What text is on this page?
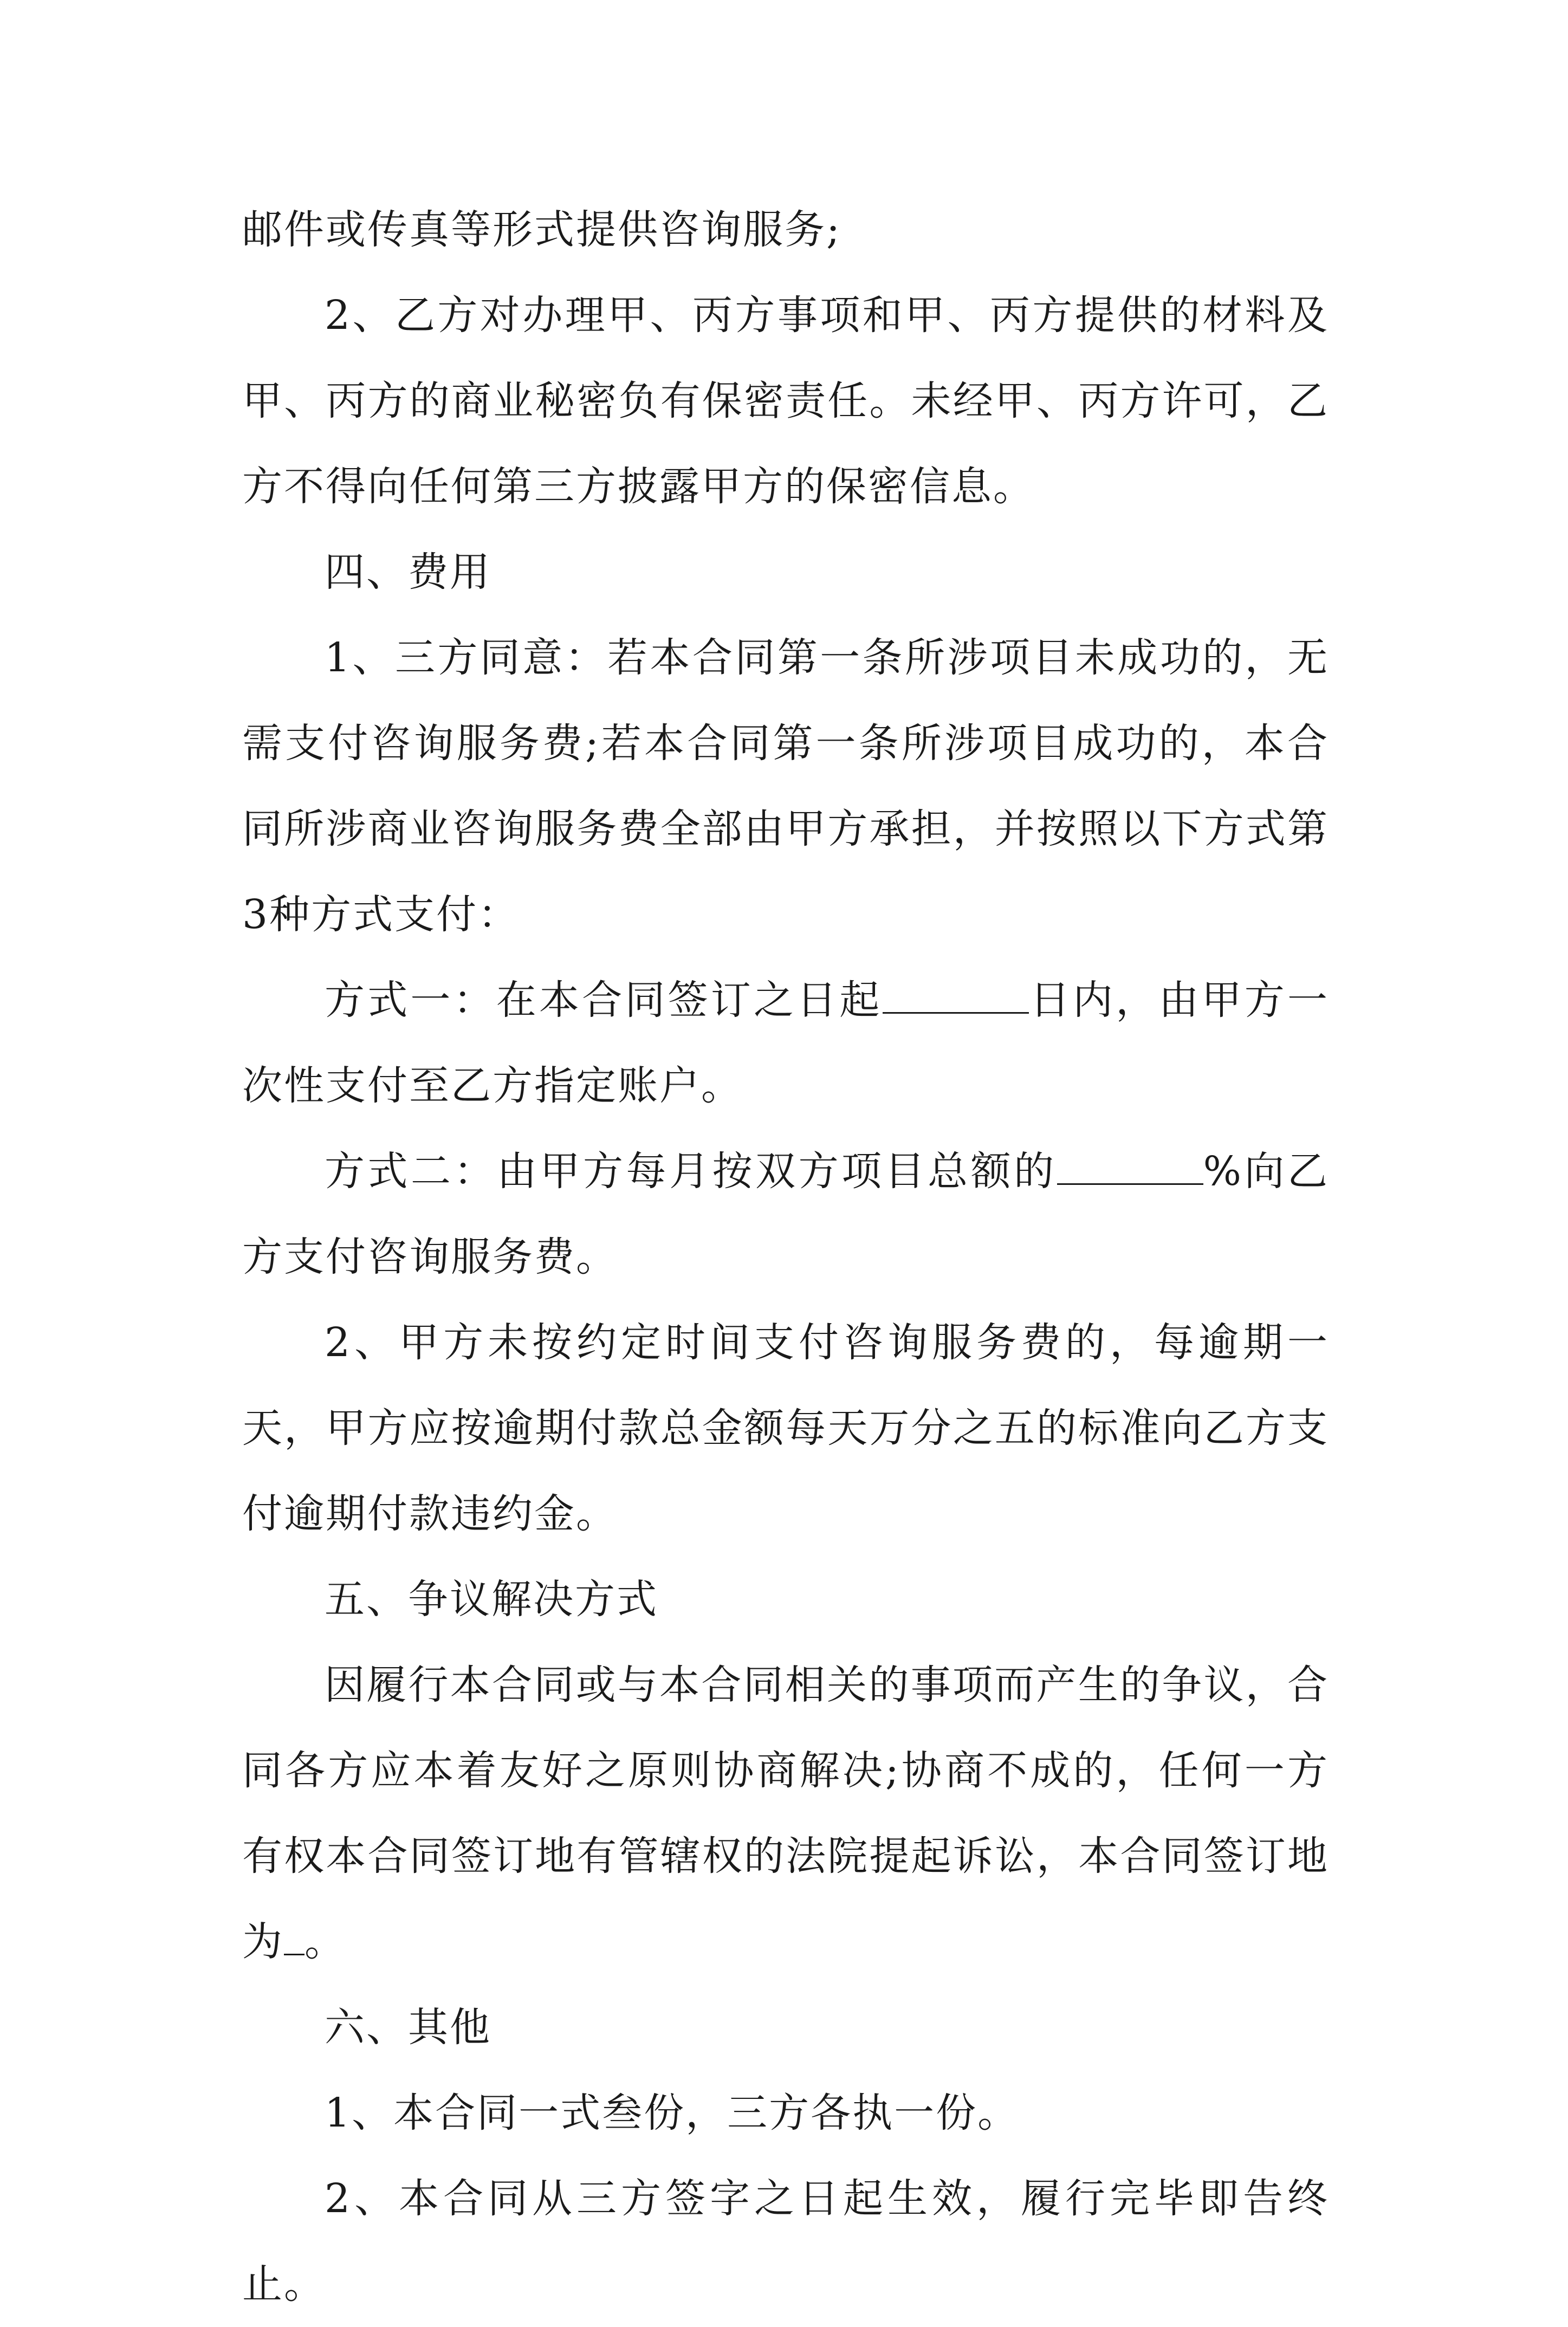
邮件或传真等形式提供咨询服务;

2、乙方对办理甲、丙方事项和甲、丙方提供的材料及甲、丙方的商业秘密负有保密责任。未经甲、丙方许可，乙方不得向任何第三方披露甲方的保密信息。

四、费用

1、三方同意：若本合同第一条所涉项目未成功的，无需支付咨询服务费;若本合同第一条所涉项目成功的，本合同所涉商业咨询服务费全部由甲方承担，并按照以下方式第3种方式支付：

方式一：在本合同签订之日起	日内，由甲方一次性支付至乙方指定账户。

方式二：由甲方每月按双方项目总额的	%向乙方支付咨询服务费。

2、甲方未按约定时间支付咨询服务费的，每逾期一天，甲方应按逾期付款总金额每天万分之五的标准向乙方支付逾期付款违约金。

五、争议解决方式

因履行本合同或与本合同相关的事项而产生的争议，合同各方应本着友好之原则协商解决;协商不成的，任何一方有权本合同签订地有管辖权的法院提起诉讼，本合同签订地为 。

六、其他

1、本合同一式叁份，三方各执一份。

2、本合同从三方签字之日起生效，履行完毕即告终止。
